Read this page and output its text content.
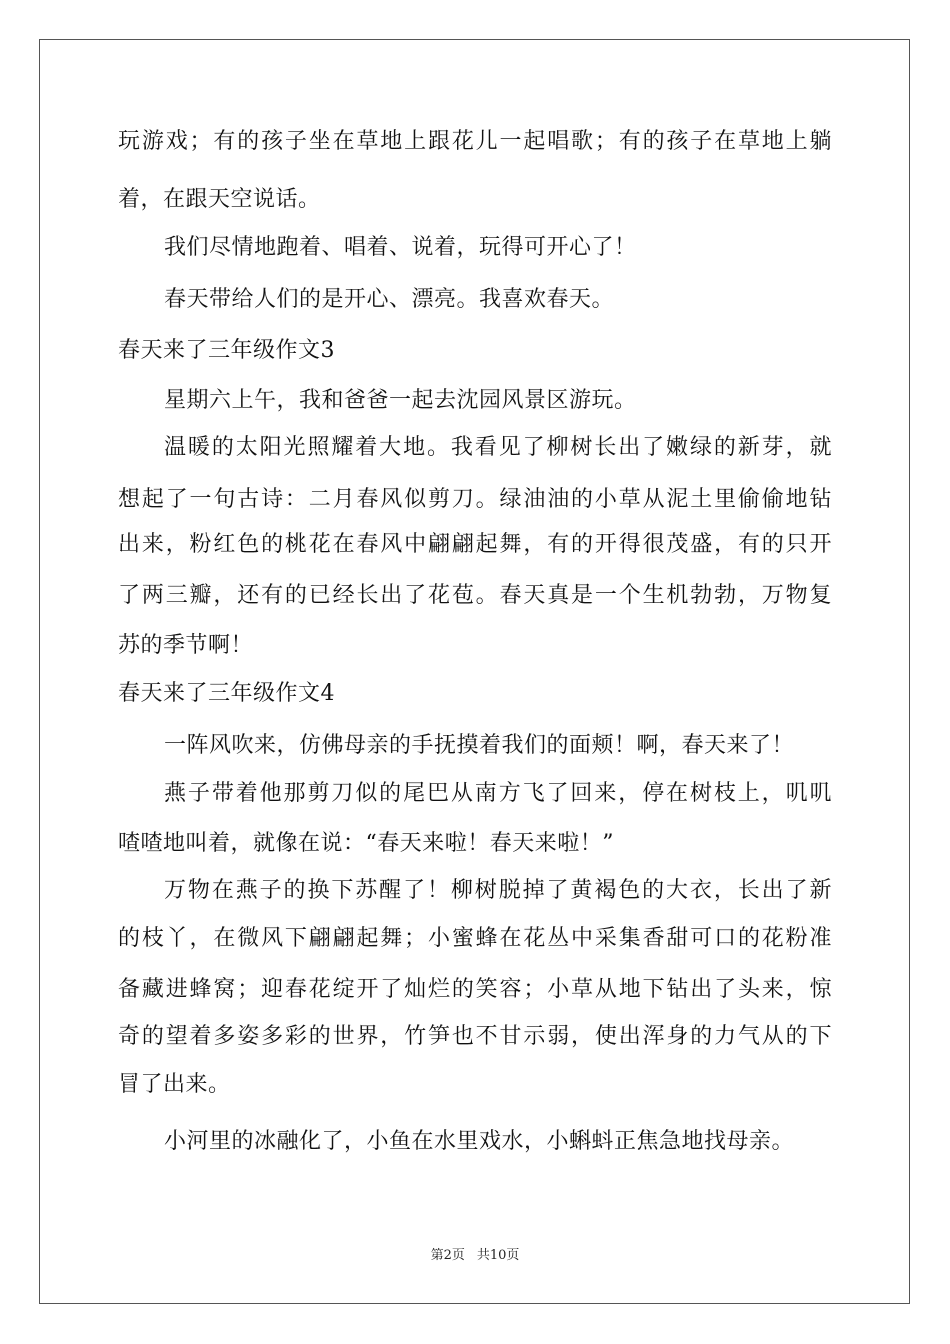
玩游戏；有的孩子坐在草地上跟花儿一起唱歌；有的孩子在草地上躺
着，在跟天空说话。
我们尽情地跑着、唱着、说着，玩得可开心了！
春天带给人们的是开心、漂亮。我喜欢春天。
春天来了三年级作文3
星期六上午，我和爸爸一起去沈园风景区游玩。
温暖的太阳光照耀着大地。我看见了柳树长出了嫩绿的新芽，就
想起了一句古诗：二月春风似剪刀。绿油油的小草从泥土里偷偷地钻
出来，粉红色的桃花在春风中翩翩起舞，有的开得很茂盛，有的只开
了两三瓣，还有的已经长出了花苞。春天真是一个生机勃勃，万物复
苏的季节啊！
春天来了三年级作文4
一阵风吹来，仿佛母亲的手抚摸着我们的面颊！啊，春天来了！
燕子带着他那剪刀似的尾巴从南方飞了回来，停在树枝上，叽叽
喳喳地叫着，就像在说：“春天来啦！春天来啦！”
万物在燕子的换下苏醒了！柳树脱掉了黄褐色的大衣，长出了新
的枝丫，在微风下翩翩起舞；小蜜蜂在花丛中采集香甜可口的花粉准
备藏进蜂窝；迎春花绽开了灿烂的笑容；小草从地下钻出了头来，惊
奇的望着多姿多彩的世界，竹笋也不甘示弱，使出浑身的力气从的下
冒了出来。
小河里的冰融化了，小鱼在水里戏水，小蝌蚪正焦急地找母亲。
第2页 共10页
